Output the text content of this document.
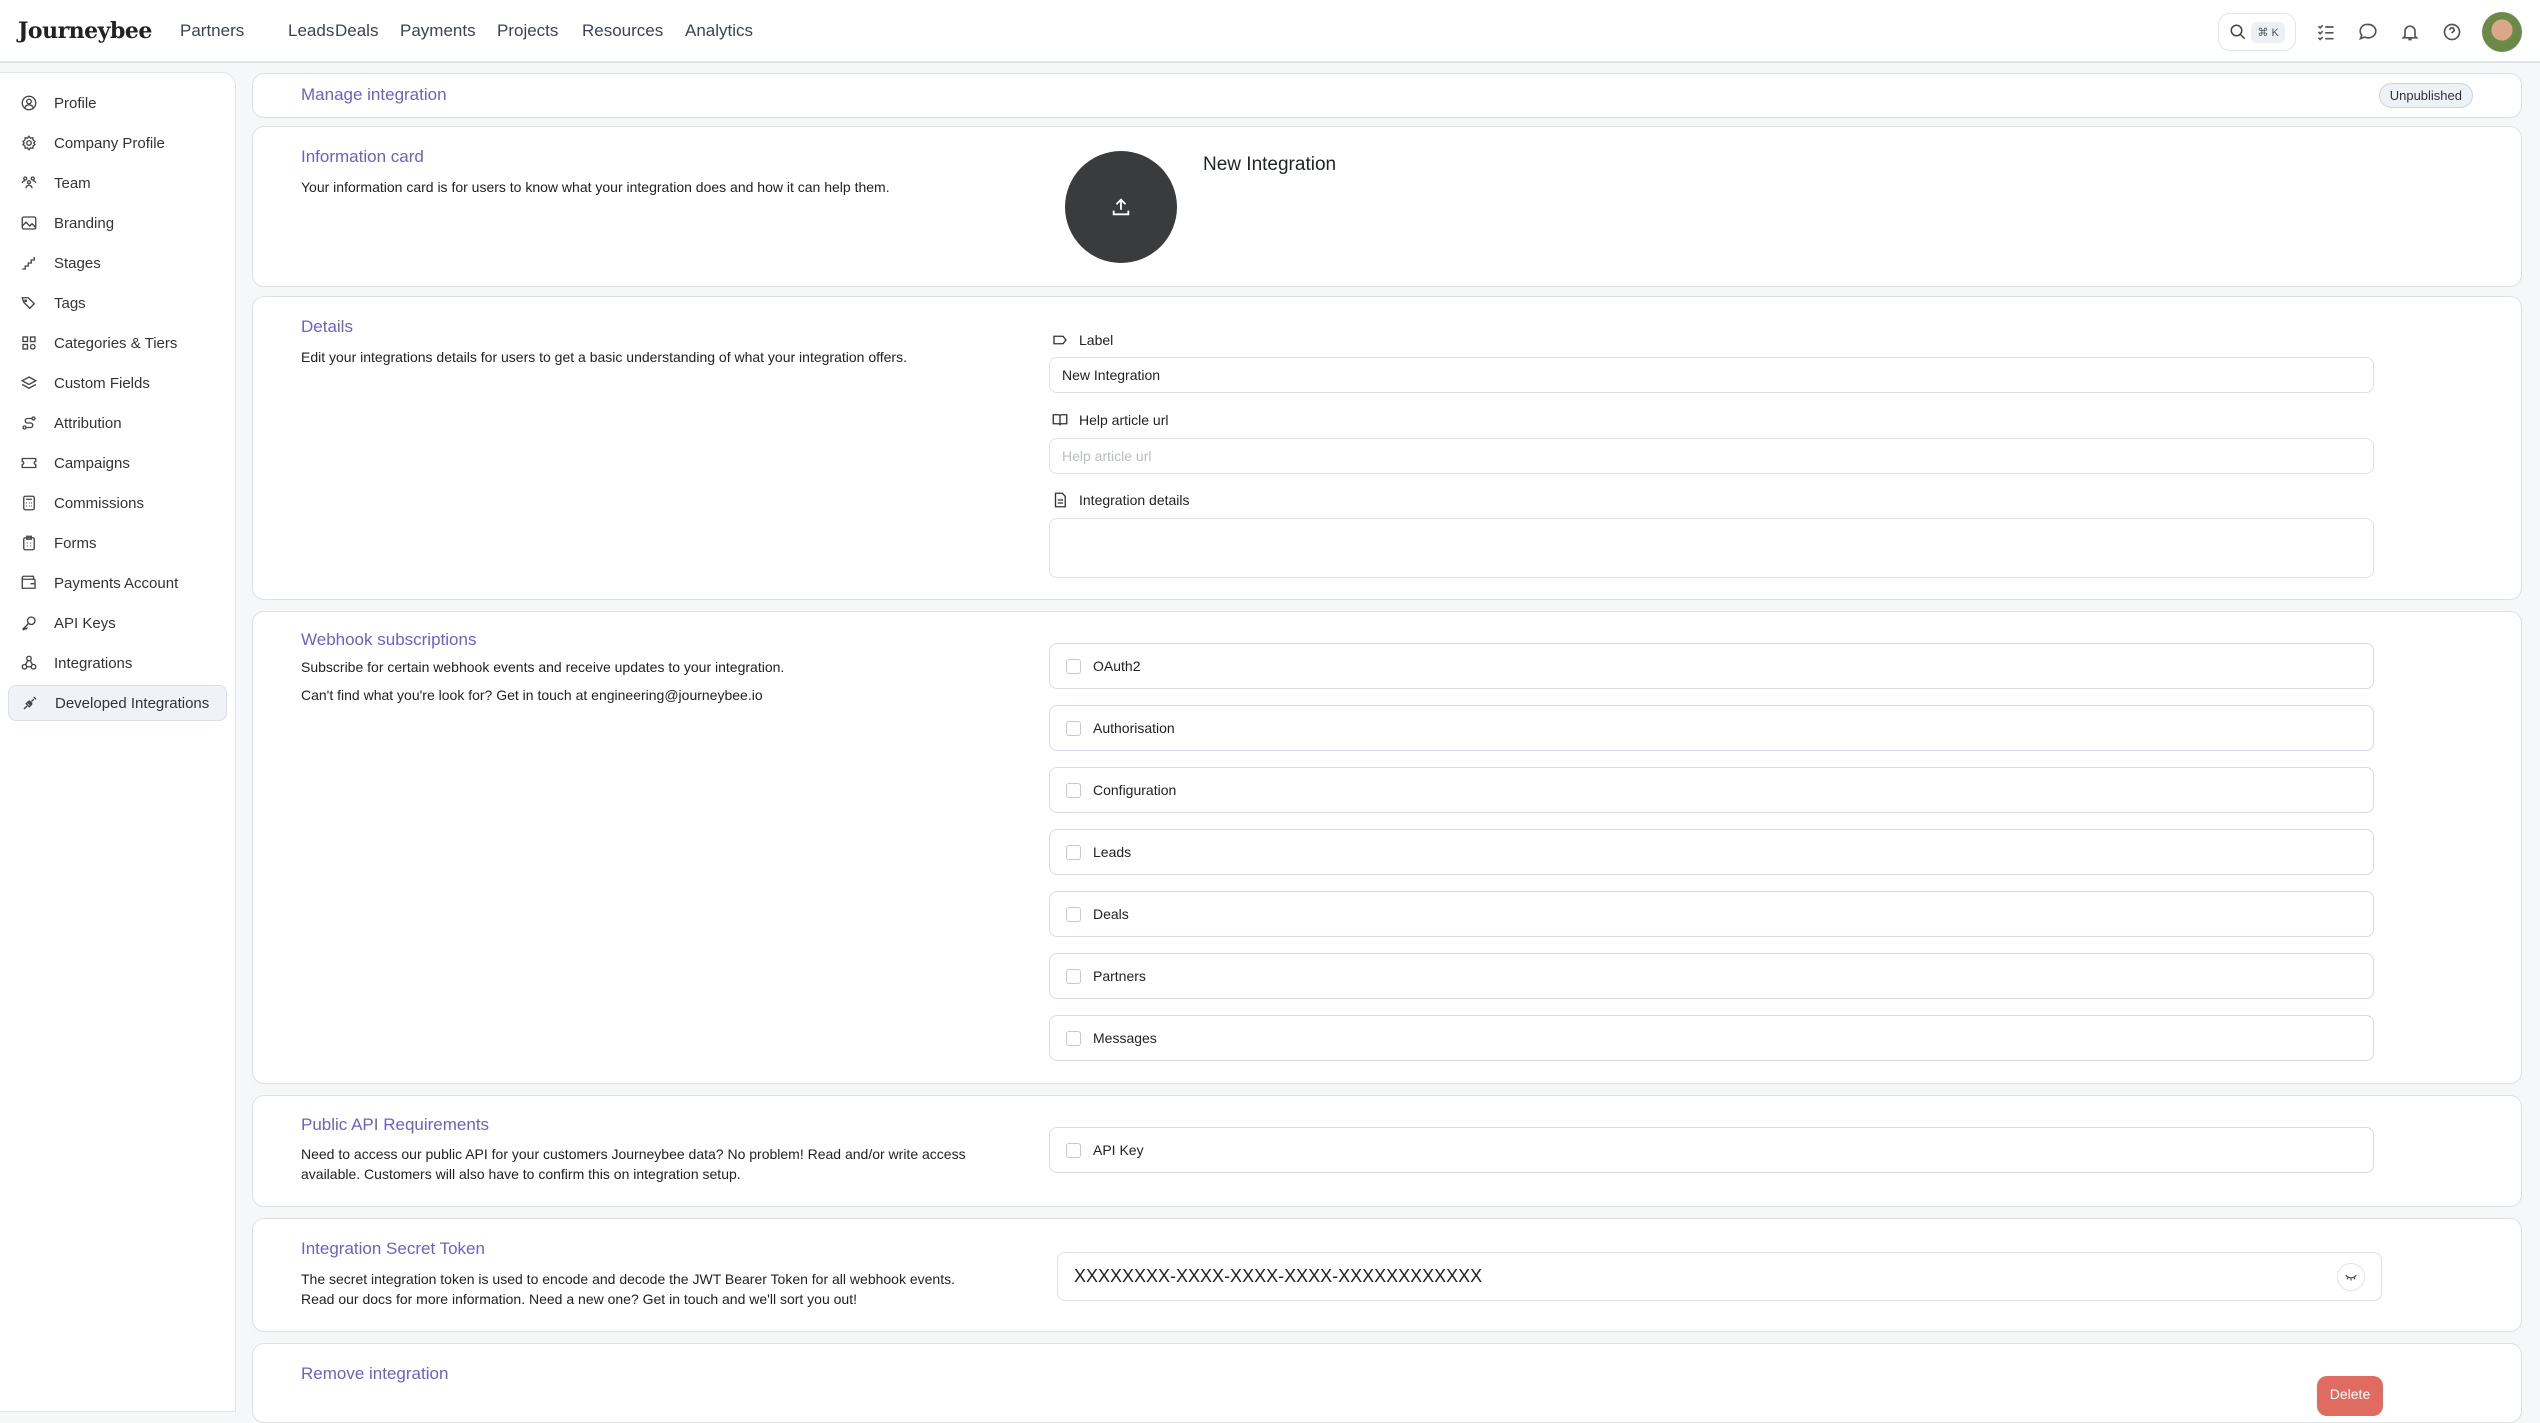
Journeybee Partners	Leads Deals Payments Projects Resources Analytics	⌘ K
Profile
Company Profile
Team
Branding
Stages
Tags
Categories & Tiers
Custom Fields
Attribution
Campaigns
Commissions
Forms
Payments Account
API Keys
Integrations
Developed Integrations
Manage integration	Unpublished
Information card
Your information card is for users to know what your integration does and how it can help them.
New Integration
Details
Edit your integrations details for users to get a basic understanding of what your integration offers.
Label
New Integration
Help article url
Help article url
Integration details
Webhook subscriptions
Subscribe for certain webhook events and receive updates to your integration.
Can't find what you're look for? Get in touch at engineering@journeybee.io
OAuth2
Authorisation
Configuration
Leads
Deals
Partners
Messages
Public API Requirements
Need to access our public API for your customers Journeybee data? No problem! Read and/or write access available. Customers will also have to confirm this on integration setup.
API Key
Integration Secret Token
The secret integration token is used to encode and decode the JWT Bearer Token for all webhook events. Read our docs for more information. Need a new one? Get in touch and we'll sort you out!
XXXXXXXX-XXXX-XXXX-XXXX-XXXXXXXXXXXX
Remove integration
Delete
